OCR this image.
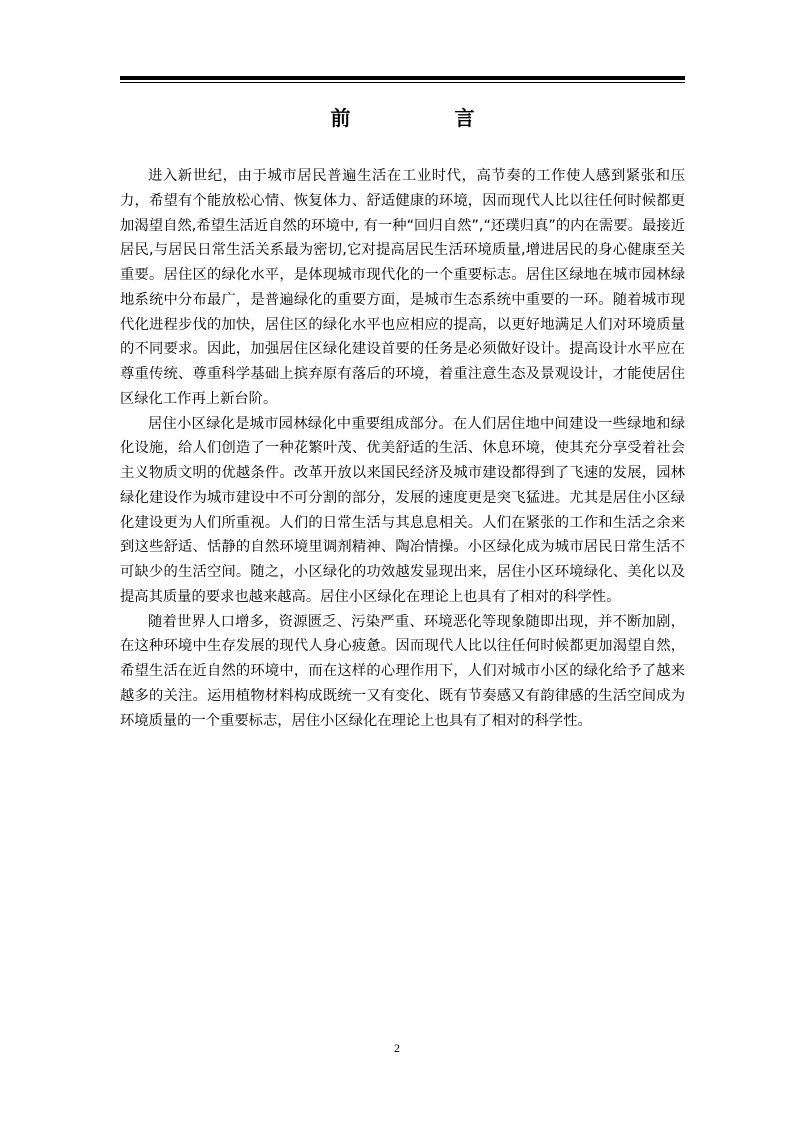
前　言

进入新世纪，由于城市居民普遍生活在工业时代，高节奏的工作使人感到紧张和压力，希望有个能放松心情、恢复体力、舒适健康的环境，因而现代人比以往任何时候都更加渴望自然,希望生活近自然的环境中, 有一种“回归自然”,“还璞归真”的内在需要。最接近居民,与居民日常生活关系最为密切,它对提高居民生活环境质量,增进居民的身心健康至关重要。居住区的绿化水平，是体现城市现代化的一个重要标志。居住区绿地在城市园林绿地系统中分布最广，是普遍绿化的重要方面，是城市生态系统中重要的一环。随着城市现代化进程步伐的加快，居住区的绿化水平也应相应的提高，以更好地满足人们对环境质量的不同要求。因此，加强居住区绿化建设首要的任务是必须做好设计。提高设计水平应在尊重传统、尊重科学基础上摈弃原有落后的环境，着重注意生态及景观设计，才能使居住区绿化工作再上新台阶。

居住小区绿化是城市园林绿化中重要组成部分。在人们居住地中间建设一些绿地和绿化设施，给人们创造了一种花繁叶茂、优美舒适的生活、休息环境，使其充分享受着社会主义物质文明的优越条件。改革开放以来国民经济及城市建设都得到了飞速的发展，园林绿化建设作为城市建设中不可分割的部分，发展的速度更是突飞猛进。尤其是居住小区绿化建设更为人们所重视。人们的日常生活与其息息相关。人们在紧张的工作和生活之余来到这些舒适、恬静的自然环境里调剂精神、陶冶情操。小区绿化成为城市居民日常生活不可缺少的生活空间。随之，小区绿化的功效越发显现出来，居住小区环境绿化、美化以及提高其质量的要求也越来越高。居住小区绿化在理论上也具有了相对的科学性。

随着世界人口增多，资源匮乏、污染严重、环境恶化等现象随即出现，并不断加剧，在这种环境中生存发展的现代人身心疲惫。因而现代人比以往任何时候都更加渴望自然，希望生活在近自然的环境中，而在这样的心理作用下，人们对城市小区的绿化给予了越来越多的关注。运用植物材料构成既统一又有变化、既有节奏感又有韵律感的生活空间成为环境质量的一个重要标志，居住小区绿化在理论上也具有了相对的科学性。

2
